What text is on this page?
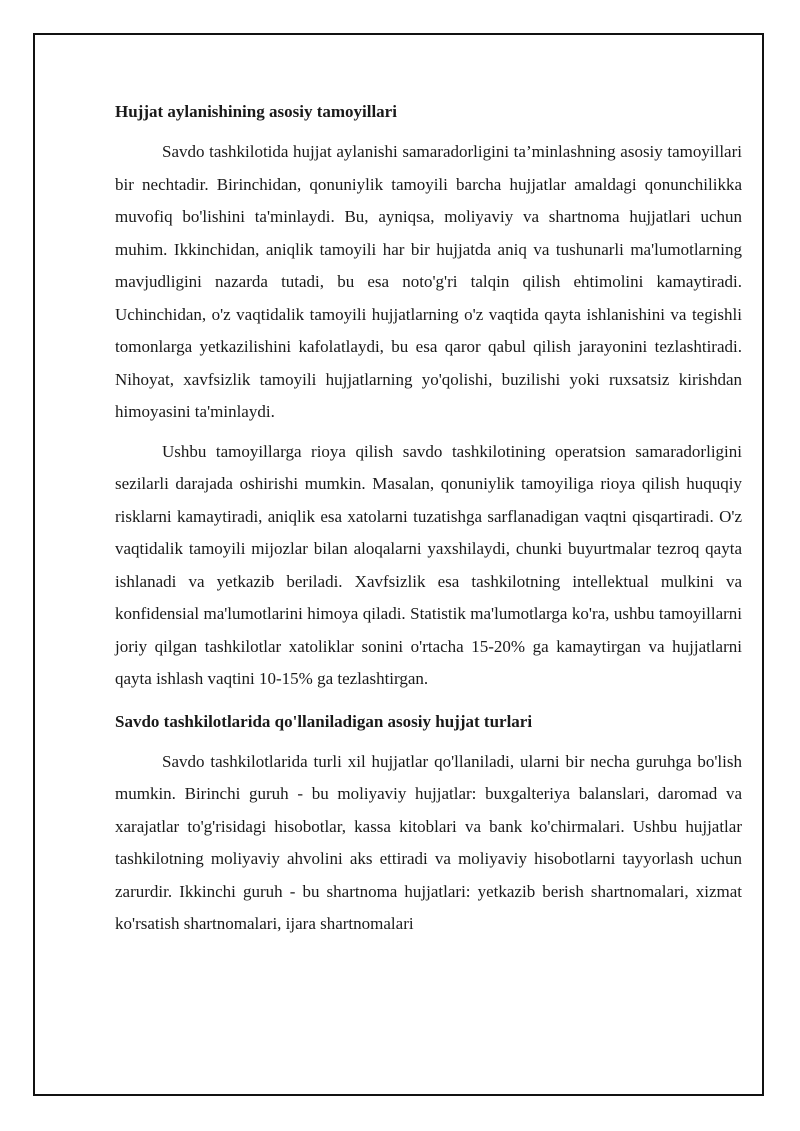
Hujjat aylanishining asosiy tamoyillari

Savdo tashkilotida hujjat aylanishi samaradorligini ta’minlashning asosiy tamoyillari bir nechtadir. Birinchidan, qonuniylik tamoyili barcha hujjatlar amaldagi qonunchilikka muvofiq bo'lishini ta'minlaydi. Bu, ayniqsa, moliyaviy va shartnoma hujjatlari uchun muhim. Ikkinchidan, aniqlik tamoyili har bir hujjatda aniq va tushunarli ma'lumotlarning mavjudligini nazarda tutadi, bu esa noto'g'ri talqin qilish ehtimolini kamaytiradi. Uchinchidan, o'z vaqtidalik tamoyili hujjatlarning o'z vaqtida qayta ishlanishini va tegishli tomonlarga yetkazilishini kafolatlaydi, bu esa qaror qabul qilish jarayonini tezlashtiradi. Nihoyat, xavfsizlik tamoyili hujjatlarning yo'qolishi, buzilishi yoki ruxsatsiz kirishdan himoyasini ta'minlaydi.

Ushbu tamoyillarga rioya qilish savdo tashkilotining operatsion samaradorligini sezilarli darajada oshirishi mumkin. Masalan, qonuniylik tamoyiliga rioya qilish huquqiy risklarni kamaytiradi, aniqlik esa xatolarni tuzatishga sarflanadigan vaqtni qisqartiradi. O'z vaqtidalik tamoyili mijozlar bilan aloqalarni yaxshilaydi, chunki buyurtmalar tezroq qayta ishlanadi va yetkazib beriladi. Xavfsizlik esa tashkilotning intellektual mulkini va konfidensial ma'lumotlarini himoya qiladi. Statistik ma'lumotlarga ko'ra, ushbu tamoyillarni joriy qilgan tashkilotlar xatoliklar sonini o'rtacha 15-20% ga kamaytirgan va hujjatlarni qayta ishlash vaqtini 10-15% ga tezlashtirgan.

Savdo tashkilotlarida qo'llaniladigan asosiy hujjat turlari

Savdo tashkilotlarida turli xil hujjatlar qo'llaniladi, ularni bir necha guruhga bo'lish mumkin. Birinchi guruh - bu moliyaviy hujjatlar: buxgalteriya balanslari, daromad va xarajatlar to'g'risidagi hisobotlar, kassa kitoblari va bank ko'chirmalari. Ushbu hujjatlar tashkilotning moliyaviy ahvolini aks ettiradi va moliyaviy hisobotlarni tayyorlash uchun zarurdir. Ikkinchi guruh - bu shartnoma hujjatlari: yetkazib berish shartnomalari, xizmat ko'rsatish shartnomalari, ijara shartnomalari
